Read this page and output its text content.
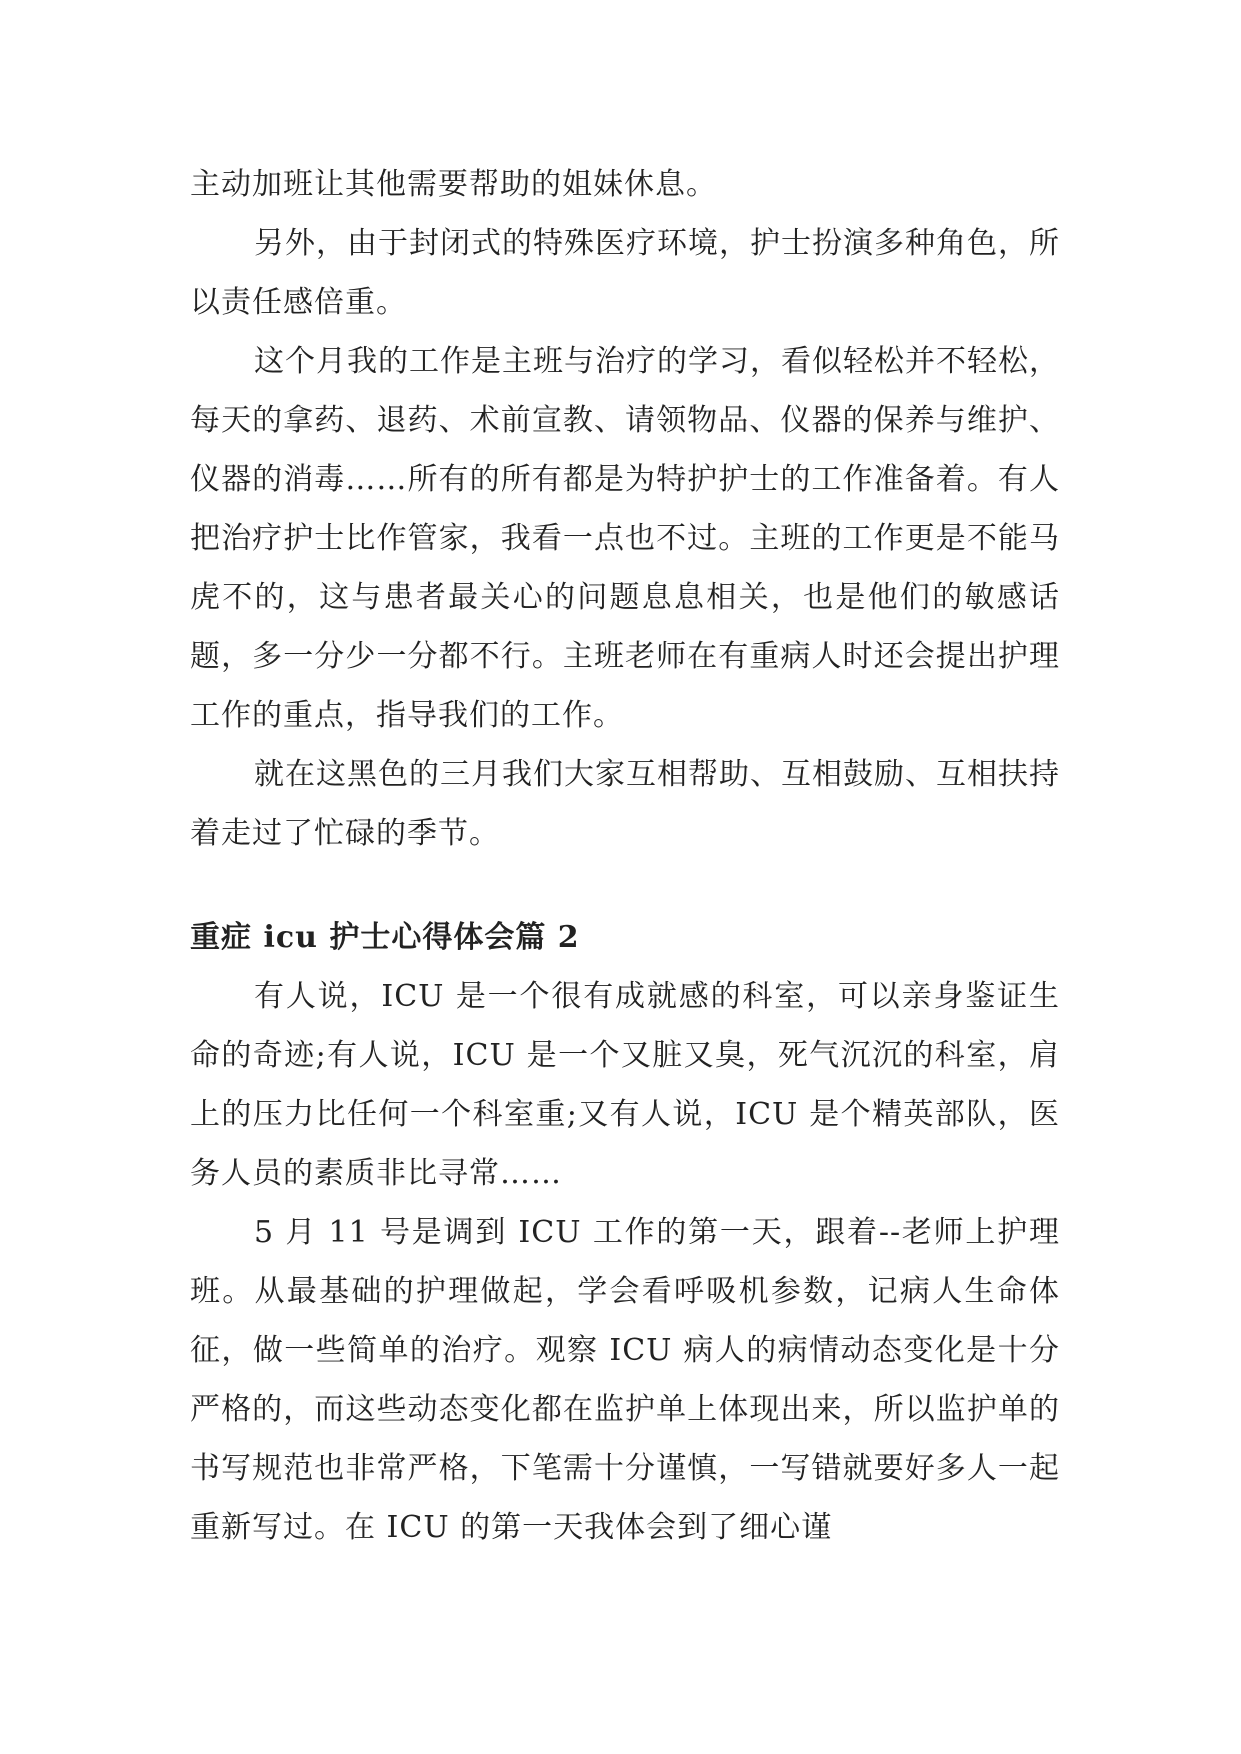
主动加班让其他需要帮助的姐妹休息。

另外，由于封闭式的特殊医疗环境，护士扮演多种角色，所以责任感倍重。

这个月我的工作是主班与治疗的学习，看似轻松并不轻松，每天的拿药、退药、术前宣教、请领物品、仪器的保养与维护、仪器的消毒……所有的所有都是为特护护士的工作准备着。有人把治疗护士比作管家，我看一点也不过。主班的工作更是不能马虎不的，这与患者最关心的问题息息相关，也是他们的敏感话题，多一分少一分都不行。主班老师在有重病人时还会提出护理工作的重点，指导我们的工作。

就在这黑色的三月我们大家互相帮助、互相鼓励、互相扶持着走过了忙碌的季节。

重症 icu 护士心得体会篇 2

有人说，ICU 是一个很有成就感的科室，可以亲身鉴证生命的奇迹;有人说，ICU 是一个又脏又臭，死气沉沉的科室，肩上的压力比任何一个科室重;又有人说，ICU 是个精英部队，医务人员的素质非比寻常……

5 月 11 号是调到 ICU 工作的第一天，跟着--老师上护理班。从最基础的护理做起，学会看呼吸机参数，记病人生命体征，做一些简单的治疗。观察 ICU 病人的病情动态变化是十分严格的，而这些动态变化都在监护单上体现出来，所以监护单的书写规范也非常严格，下笔需十分谨慎，一写错就要好多人一起重新写过。在 ICU 的第一天我体会到了细心谨
